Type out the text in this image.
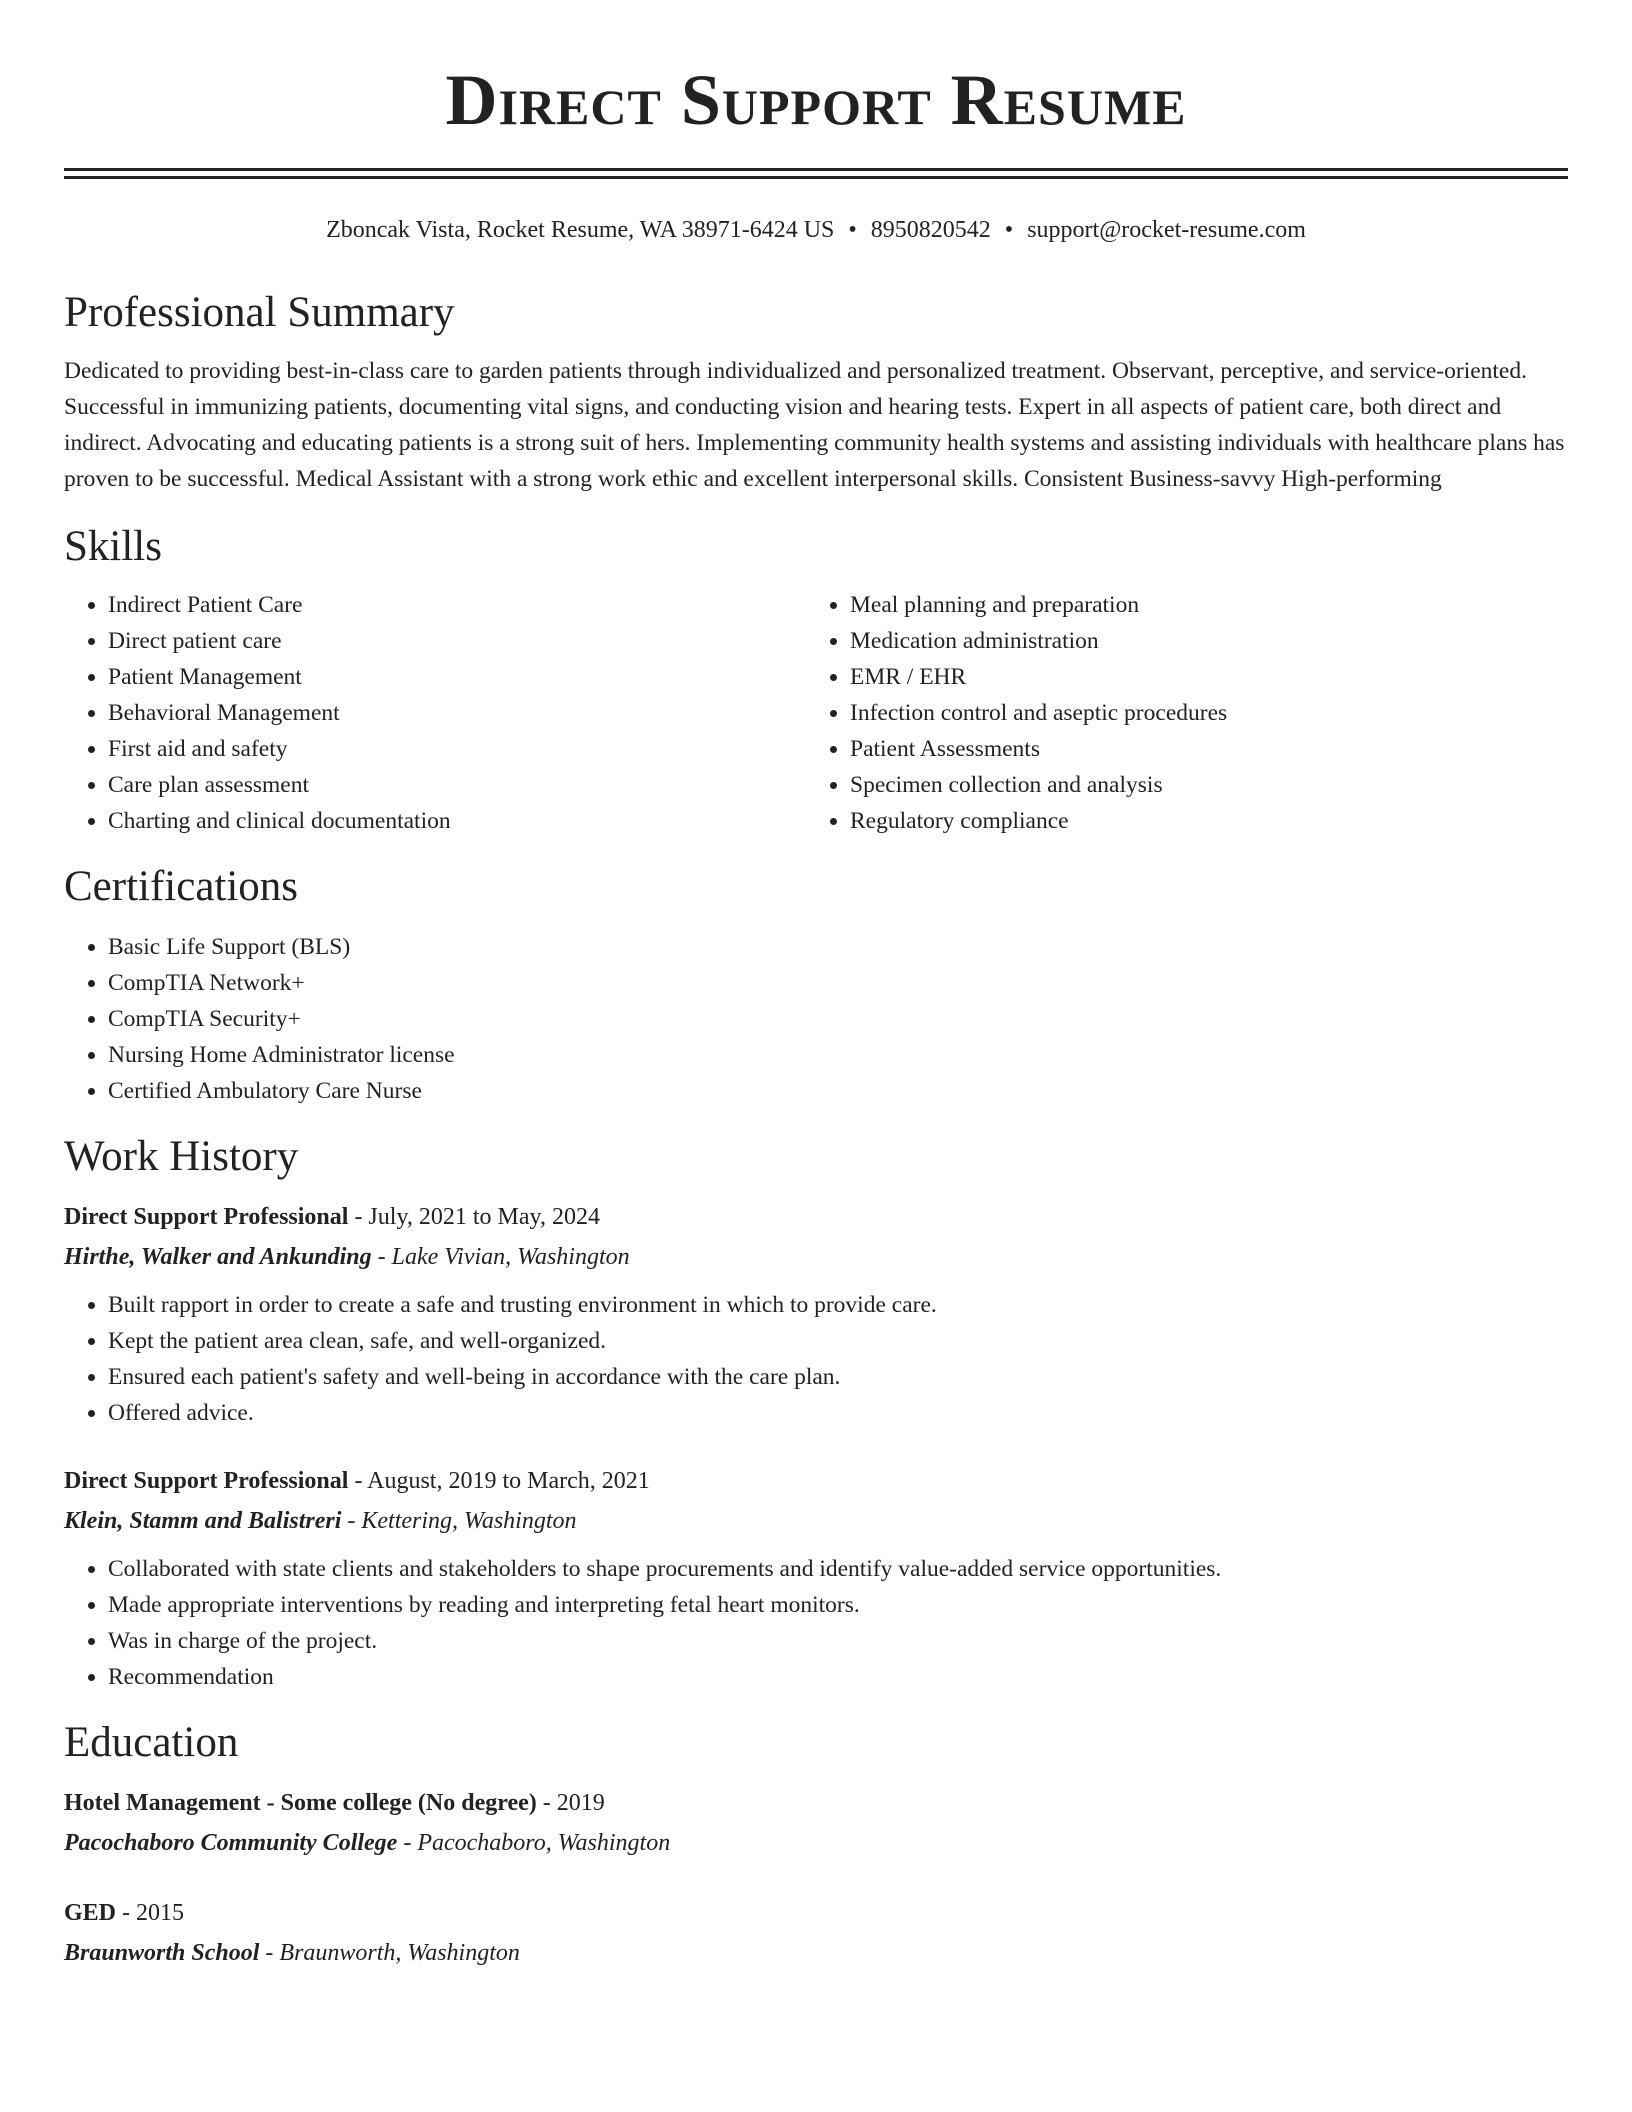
Direct Support Resume
Zboncak Vista, Rocket Resume, WA 38971-6424 US • 8950820542 • support@rocket-resume.com
Professional Summary

Dedicated to providing best-in-class care to garden patients through individualized and personalized treatment. Observant, perceptive, and service-oriented. Successful in immunizing patients, documenting vital signs, and conducting vision and hearing tests. Expert in all aspects of patient care, both direct and indirect. Advocating and educating patients is a strong suit of hers. Implementing community health systems and assisting individuals with healthcare plans has proven to be successful. Medical Assistant with a strong work ethic and excellent interpersonal skills. Consistent Business-savvy High-performing

Skills
• Indirect Patient Care
• Direct patient care
• Patient Management
• Behavioral Management
• First aid and safety
• Care plan assessment
• Charting and clinical documentation
• Meal planning and preparation
• Medication administration
• EMR / EHR
• Infection control and aseptic procedures
• Patient Assessments
• Specimen collection and analysis
• Regulatory compliance
Certifications
• Basic Life Support (BLS)
• CompTIA Network+
• CompTIA Security+
• Nursing Home Administrator license
• Certified Ambulatory Care Nurse
Work History
Direct Support Professional - July, 2021 to May, 2024
Hirthe, Walker and Ankunding - Lake Vivian, Washington
• Built rapport in order to create a safe and trusting environment in which to provide care.
• Kept the patient area clean, safe, and well-organized.
• Ensured each patient's safety and well-being in accordance with the care plan.
• Offered advice.
Direct Support Professional - August, 2019 to March, 2021
Klein, Stamm and Balistreri - Kettering, Washington
• Collaborated with state clients and stakeholders to shape procurements and identify value-added service opportunities.
• Made appropriate interventions by reading and interpreting fetal heart monitors.
• Was in charge of the project.
• Recommendation
Education
Hotel Management - Some college (No degree) - 2019
Pacochaboro Community College - Pacochaboro, Washington
GED - 2015
Braunworth School - Braunworth, Washington
